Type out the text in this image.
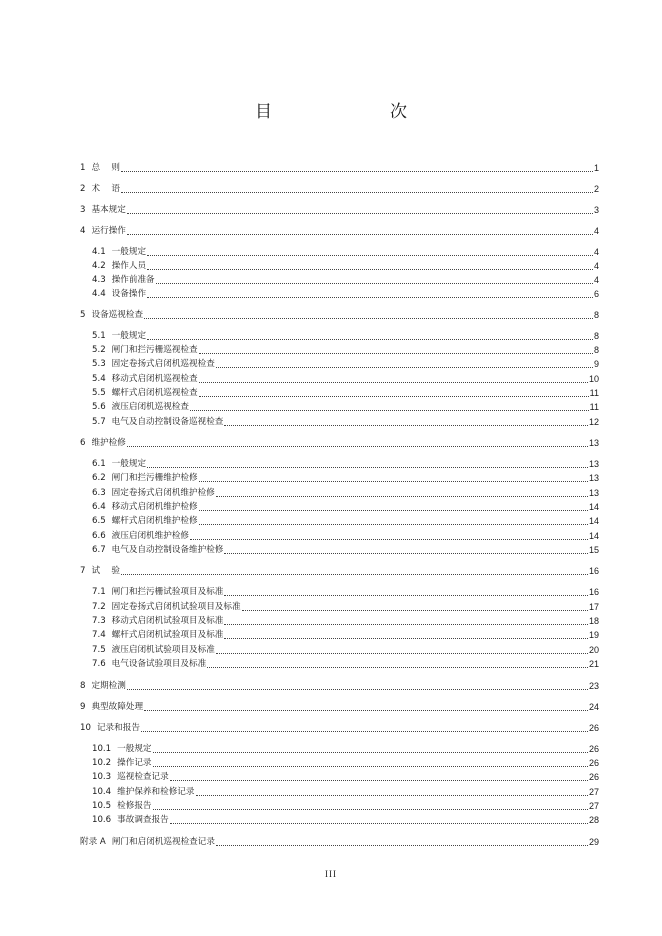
目　　次
1 总　 则	1
2 术　 语	2
3 基本规定	3
4 运行操作	4
4.1 一般规定	4
4.2 操作人员	4
4.3 操作前准备	4
4.4 设备操作	6
5 设备巡视检查	8
5.1 一般规定	8
5.2 闸门和拦污栅巡视检查	8
5.3 固定卷扬式启闭机巡视检查	9
5.4 移动式启闭机巡视检查	10
5.5 螺杆式启闭机巡视检查	11
5.6 液压启闭机巡视检查	11
5.7 电气及自动控制设备巡视检查	12
6 维护检修	13
6.1 一般规定	13
6.2 闸门和拦污栅维护检修	13
6.3 固定卷扬式启闭机维护检修	13
6.4 移动式启闭机维护检修	14
6.5 螺杆式启闭机维护检修	14
6.6 液压启闭机维护检修	14
6.7 电气及自动控制设备维护检修	15
7 试　 验	16
7.1 闸门和拦污栅试验项目及标准	16
7.2 固定卷扬式启闭机试验项目及标准	17
7.3 移动式启闭机试验项目及标准	18
7.4 螺杆式启闭机试验项目及标准	19
7.5 液压启闭机试验项目及标准	20
7.6 电气设备试验项目及标准	21
8 定期检测	23
9 典型故障处理	24
10 记录和报告	26
10.1 一般规定	26
10.2 操作记录	26
10.3 巡视检查记录	26
10.4 维护保养和检修记录	27
10.5 检修报告	27
10.6 事故调查报告	28
附录 A 闸门和启闭机巡视检查记录	29
III
